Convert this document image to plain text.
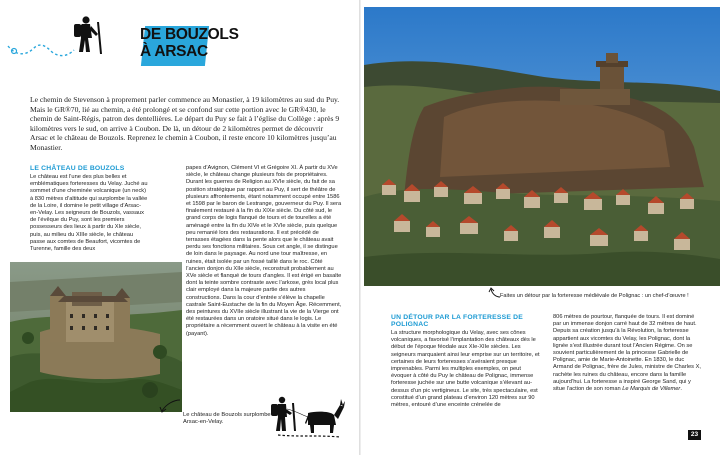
DE BOUZOLS
À ARSAC
Le chemin de Stevenson à proprement parler commence au Monastier, à 19 kilomètres au sud du Puy. Mais le GR®70, lié au chemin, a été prolongé et se confond sur cette portion avec le GR®430, le chemin de Saint-Régis, patron des dentellières. Le départ du Puy se fait à l’église du Collège : après 9 kilomètres vers le sud, on arrive à Coubon. De là, un détour de 2 kilomètres permet de découvrir Arsac et le château de Bouzols. Reprenez le chemin à Coubon, il reste encore 10 kilomètres jusqu’au Monastier.
LE CHÂTEAU DE BOUZOLS
Le château est l’une des plus belles et emblématiques forteresses du Velay. Juché au sommet d’une cheminée volcanique (un neck) à 830 mètres d’altitude qui surplombe la vallée de la Loire, il domine le petit village d’Arsac-en-Velay. Les seigneurs de Bouzols, vassaux de l’évêque du Puy, sont les premiers possesseurs des lieux à partir du XIe siècle, puis, au milieu du XIIIe siècle, le château passe aux comtes de Beaufort, vicomtes de Turenne, famille des deux
papes d’Avignon, Clément VI et Grégoire XI. À partir du XVe siècle, le château change plusieurs fois de propriétaires. Durant les guerres de Religion au XVIe siècle, du fait de sa position stratégique par rapport au Puy, il sert de théâtre de plusieurs affrontements, étant notamment occupé entre 1586 et 1598 par le baron de Lestrange, gouverneur du Puy. Il sera finalement restauré à la fin du XIXe siècle. Du côté sud, le grand corps de logis flanqué de tours et de tourelles a été aménagé entre la fin du XIVe et le XVIe siècle, puis quelque peu remanié lors des restaurations. Il est précédé de terrasses étagées dans la pente alors que le château avait perdu ses fonctions militaires. Sous cet angle, il se distingue de loin dans le paysage. Au nord une tour maîtresse, en ruines, était isolée par un fossé taillé dans le roc. Côté l’ancien donjon du XIIe siècle, reconstruit probablement au XVe siècle et flanqué de tours d’angles. Il est érigé en basalte dont la teinte sombre contraste avec l’arkose, grès local plus clair employé dans la majeure partie des autres constructions. Dans la cour d’entrée s’élève la chapelle castrale Saint-Eustache de la fin du Moyen Âge. Récemment, des peintures du XVIIe siècle illustrant la vie de la Vierge ont été restaurées dans un oratoire situé dans le logis. Le propriétaire a récemment ouvert le château à la visite en été (payant).
Le château de Bouzols surplombe Arsac-en-Velay.
Faites un détour par la forteresse médiévale de Polignac : un chef-d’œuvre !
UN DÉTOUR PAR LA FORTERESSE DE POLIGNAC
La structure morphologique du Velay, avec ses cônes volcaniques, a favorisé l’implantation des châteaux dès le début de l’époque féodale aux XIe-XIIe siècles. Les seigneurs marquaient ainsi leur emprise sur un territoire, et certaines de leurs forteresses s’avéraient presque imprenables. Parmi les multiples exemples, on peut évoquer à côté du Puy le château de Polignac, immense forteresse juchée sur une butte volcanique s’élevant au-dessus d’un pic vertigineux. Le site, très spectaculaire, est constitué d’un grand plateau d’environ 120 mètres sur 90 mètres, entouré d’une enceinte crénelée de
806 mètres de pourtour, flanquée de tours. Il est dominé par un immense donjon carré haut de 32 mètres de haut. Depuis sa création jusqu’à la Révolution, la forteresse appartient aux vicomtes du Velay, les Polignac, dont la lignée s’est illustrée durant tout l’Ancien Régime. On se souvient particulièrement de la princesse Gabrielle de Polignac, amie de Marie-Antoinette. En 1830, le duc Armand de Polignac, frère de Jules, ministre de Charles X, rachète les ruines du château, encore dans la famille aujourd’hui. La forteresse a inspiré George Sand, qui y situe l’action de son roman Le Marquis de Villemer.
23
